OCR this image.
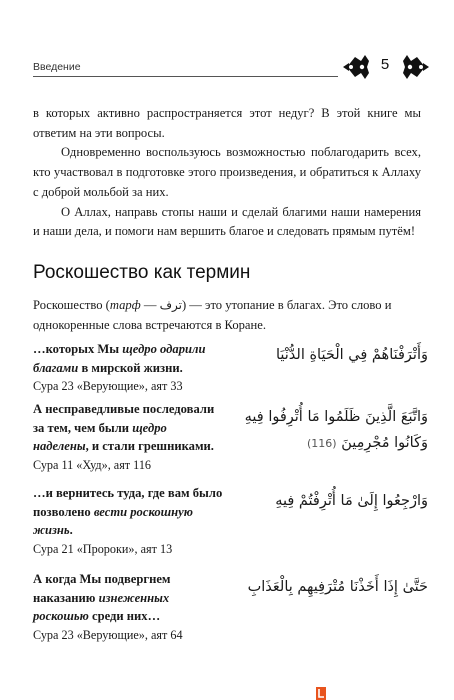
Введение	5

в которых активно распространяется этот недуг? В этой книге мы ответим на эти вопросы.

Одновременно воспользуюсь возможностью поблагодарить всех, кто участвовал в подготовке этого произведения, и обратиться к Аллаху с доброй мольбой за них.

О Аллах, направь стопы наши и сделай благими наши намерения и наши дела, и помоги нам вершить благое и следовать прямым путём!

Роскошество как термин

Роскошество (тарф — ترف) — это утопание в благах. Это слово и однокоренные слова встречаются в Коране.

…которых Мы щедро одарили благами в мирской жизни.
Сура 23 «Верующие», аят 33

وَأَتْرَفْنَاهُمْ فِي الْحَيَاةِ الدُّنْيَا

А несправедливые последовали за тем, чем были щедро наделены, и стали грешниками.
Сура 11 «Худ», аят 116

وَاتَّبَعَ الَّذِينَ ظَلَمُوا مَا أُتْرِفُوا فِيهِ وَكَانُوا مُجْرِمِينَ (116)

…и вернитесь туда, где вам было позволено вести роскошную жизнь.
Сура 21 «Пророки», аят 13

وَارْجِعُوا إِلَىٰ مَا أُتْرِفْتُمْ فِيهِ

А когда Мы подвергнем наказанию изнеженных роскошью среди них…
Сура 23 «Верующие», аят 64

حَتَّىٰ إِذَا أَخَذْنَا مُتْرَفِيهِم بِالْعَذَابِ
